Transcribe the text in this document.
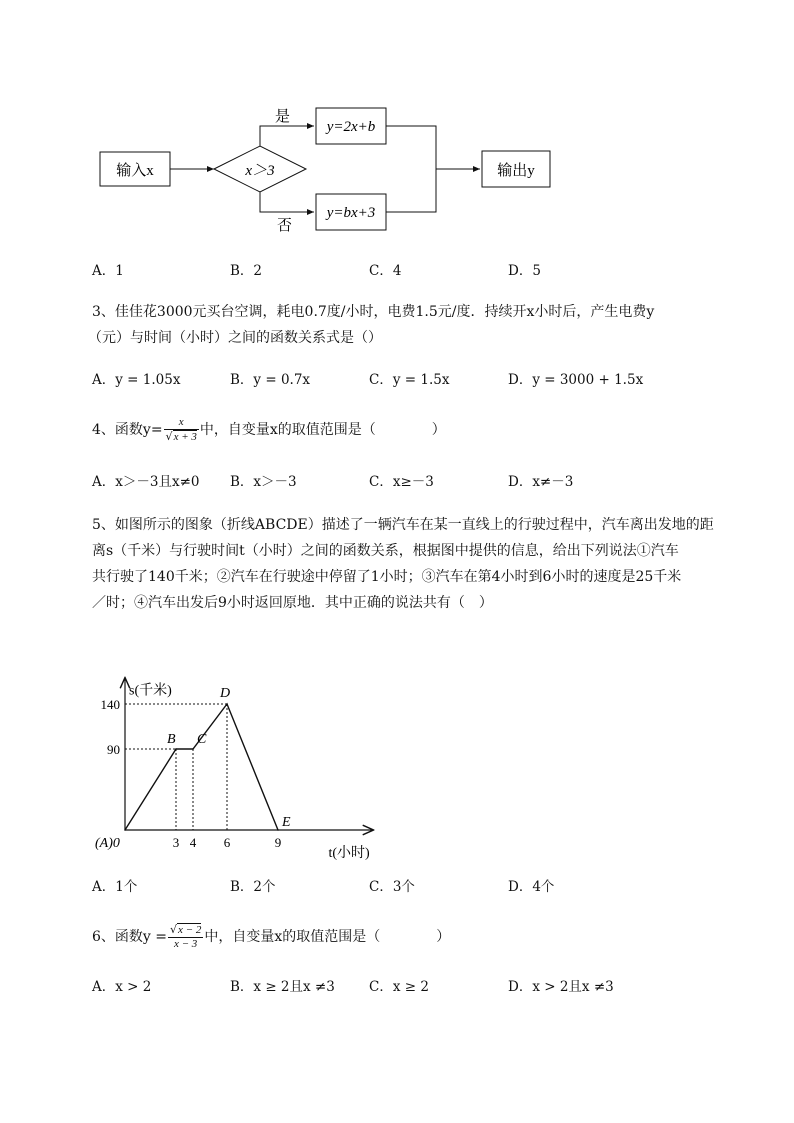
输入x	x＞3
是
否
y=2x+b
y=bx+3
输出y
A．1	B．2	C．4	D．5
3、佳佳花3000元买台空调，耗电0.7度/小时，电费1.5元/度．持续开x小时后，产生电费y
（元）与时间（小时）之间的函数关系式是（）
A．y = 1.05x	B．y = 0.7x	C．y = 1.5x	D．y = 3000 + 1.5x
4、函数$y= \frac{x}{√x + 3}$ 中，自变量x的取值范围是（　　　　）
A．x＞－3且x≠0 B．x＞－3	C．x≥－3	D．x≠－3
5、如图所示的图象（折线ABCDE）描述了一辆汽车在某一直线上的行驶过程中，汽车离出发地的距
离s（千米）与行驶时间t（小时）之间的函数关系，根据图中提供的信息，给出下列说法①汽车
共行驶了140千米；②汽车在行驶途中停留了1小时；③汽车在第4小时到6小时的速度是25千米
／时；④汽车出发后9小时返回原地．其中正确的说法共有（　）
t(小时)
s(千米)
90
140
3 4 6	9
(A)0
B C
D
E
A．1个	B．2个	C．3个	D．4个
6、函数$y = \frac{√x - 2}{x - 3}$ 中，自变量x的取值范围是（　　　　）
A．x > 2	B．x ≥ 2且x ≠3	C．x ≥ 2	D．x > 2且x ≠3
